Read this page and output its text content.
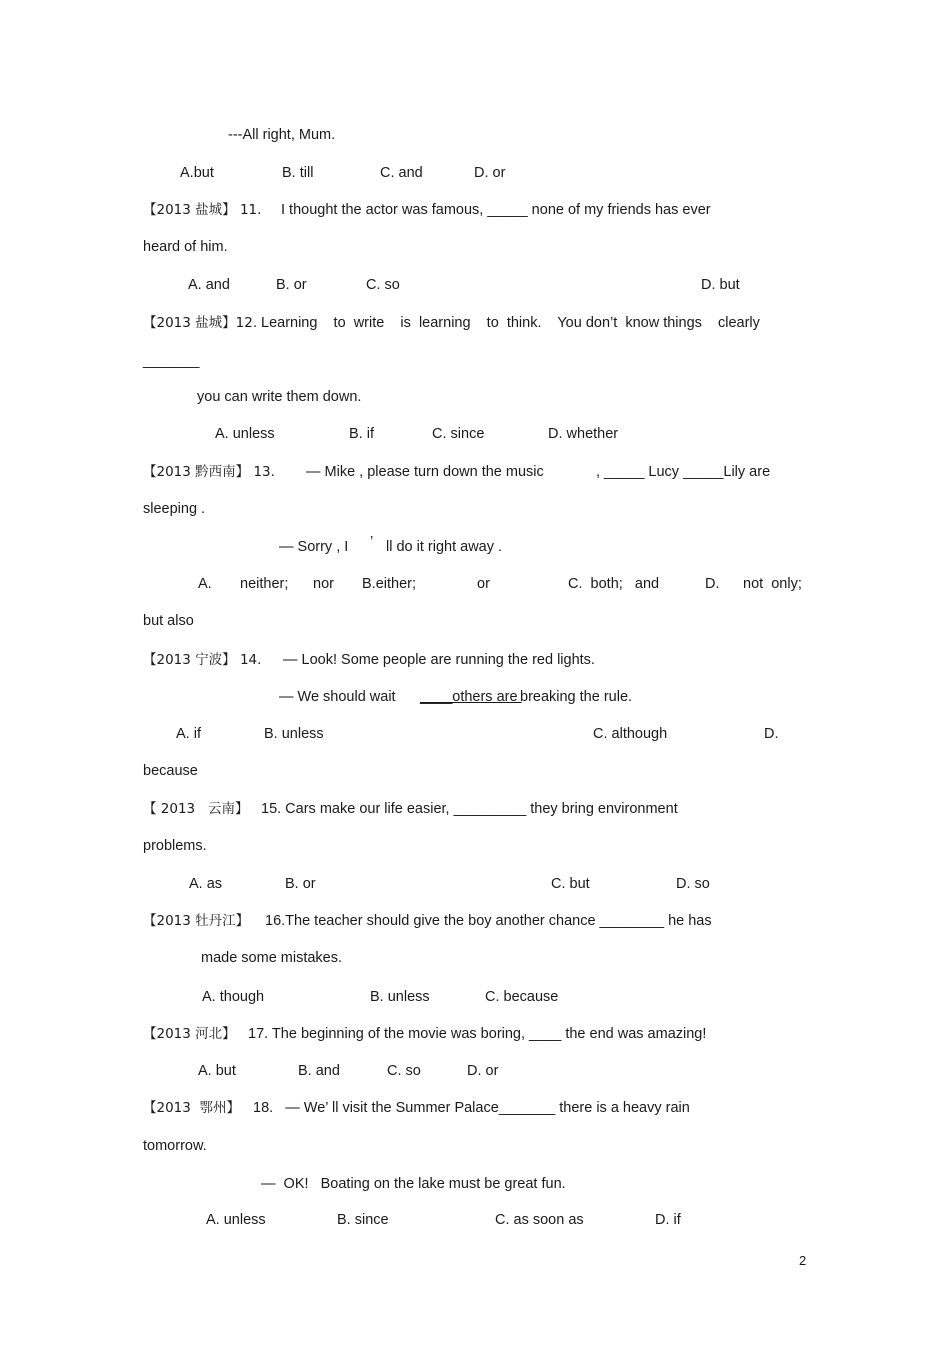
---All right, Mum.
A.but	B. till	C. and	D. or
【2013 盐城】 11. I thought the actor was famous, _____ none of my friends has ever
heard of him.
A. and	B. or	C. so	D. but
【2013 盐城】12. Learning    to  write    is  learning    to  think.    You don’t  know things    clearly
_______
you can write them down.
A. unless	B. if	C. since	D. whether
【2013 黔西南】 13. — Mike , please turn down the music	, _____ Lucy _____Lily are
sleeping .
— Sorry , I ’ ll do it right away .
A. neither; nor B.either;	or	C.  both;   and	D. not  only;
but also
【2013 宁波】 14. — Look! Some people are running the red lights.
— We should wait ____others are
breaking the rule.
A. if	B. unless	C. although	D.
because
【 2013   云南】 15. Cars make our life easier, _________ they bring environment
problems.
A. as	B. or	C. but	D. so
【2013 牡丹江】 16.The teacher should give the boy another chance ________ he has
made some mistakes.
A. though	B. unless	C. because
【2013 河北】 17. The beginning of the movie was boring, ____ the end was amazing!
A. but	B. and	C. so	D. or
【2013  鄂州】 18.   — We’ ll visit the Summer Palace_______ there is a heavy rain
tomorrow.
—  OK!   Boating on the lake must be great fun.
A. unless	B. since	C. as soon as	D. if
2
